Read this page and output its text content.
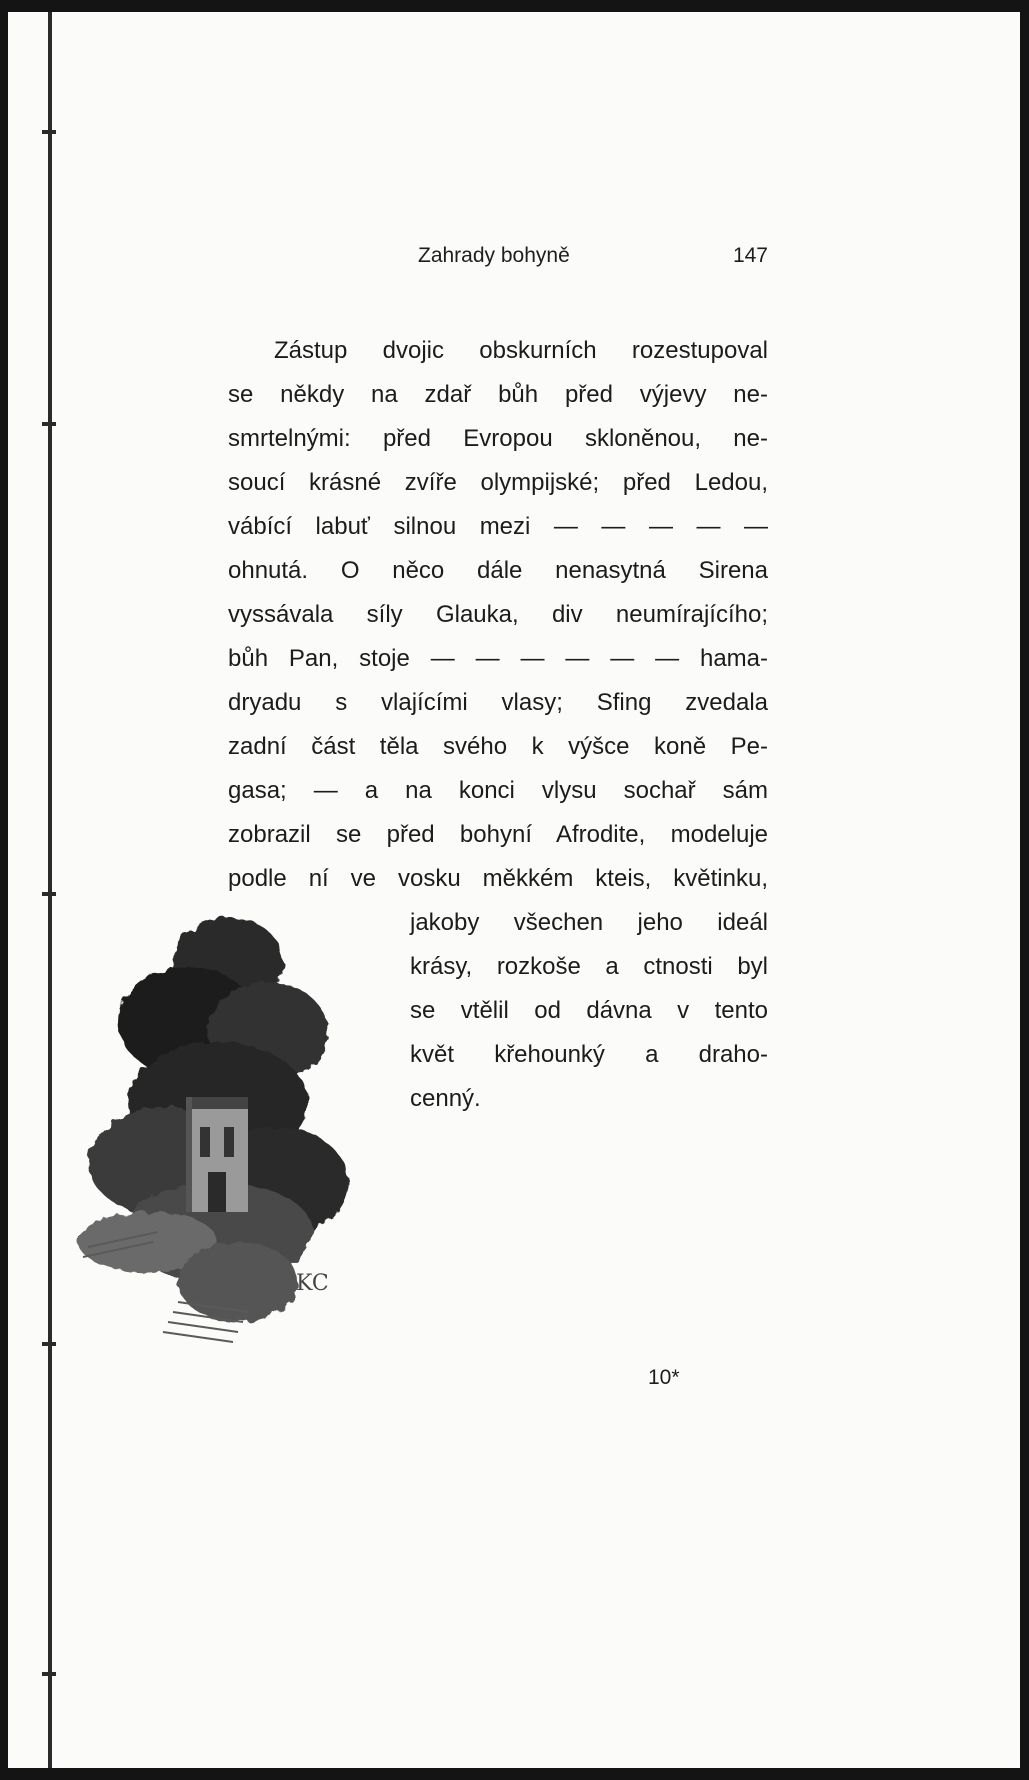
Zahrady bohyně	147
Zástup dvojic obskurních rozestupoval
se někdy na zdař bůh před výjevy ne-
smrtelnými: před Evropou skloněnou, ne-
soucí krásné zvíře olympijské; před Ledou,
vábící labuť silnou mezi — — — — —
ohnutá. O něco dále nenasytná Sirena
vyssávala síly Glauka, div neumírajícího;
bůh Pan, stoje — — — — — — hama-
dryadu s vlajícími vlasy; Sfing zvedala
zadní část těla svého k výšce koně Pe-
gasa; — a na konci vlysu sochař sám
zobrazil se před bohyní Afrodite, modeluje
podle ní ve vosku měkkém kteis, květinku,
jakoby všechen jeho ideál
krásy, rozkoše a ctnosti byl
se vtělil od dávna v tento
květ křehounký a draho-
cenný.
KC
10*
